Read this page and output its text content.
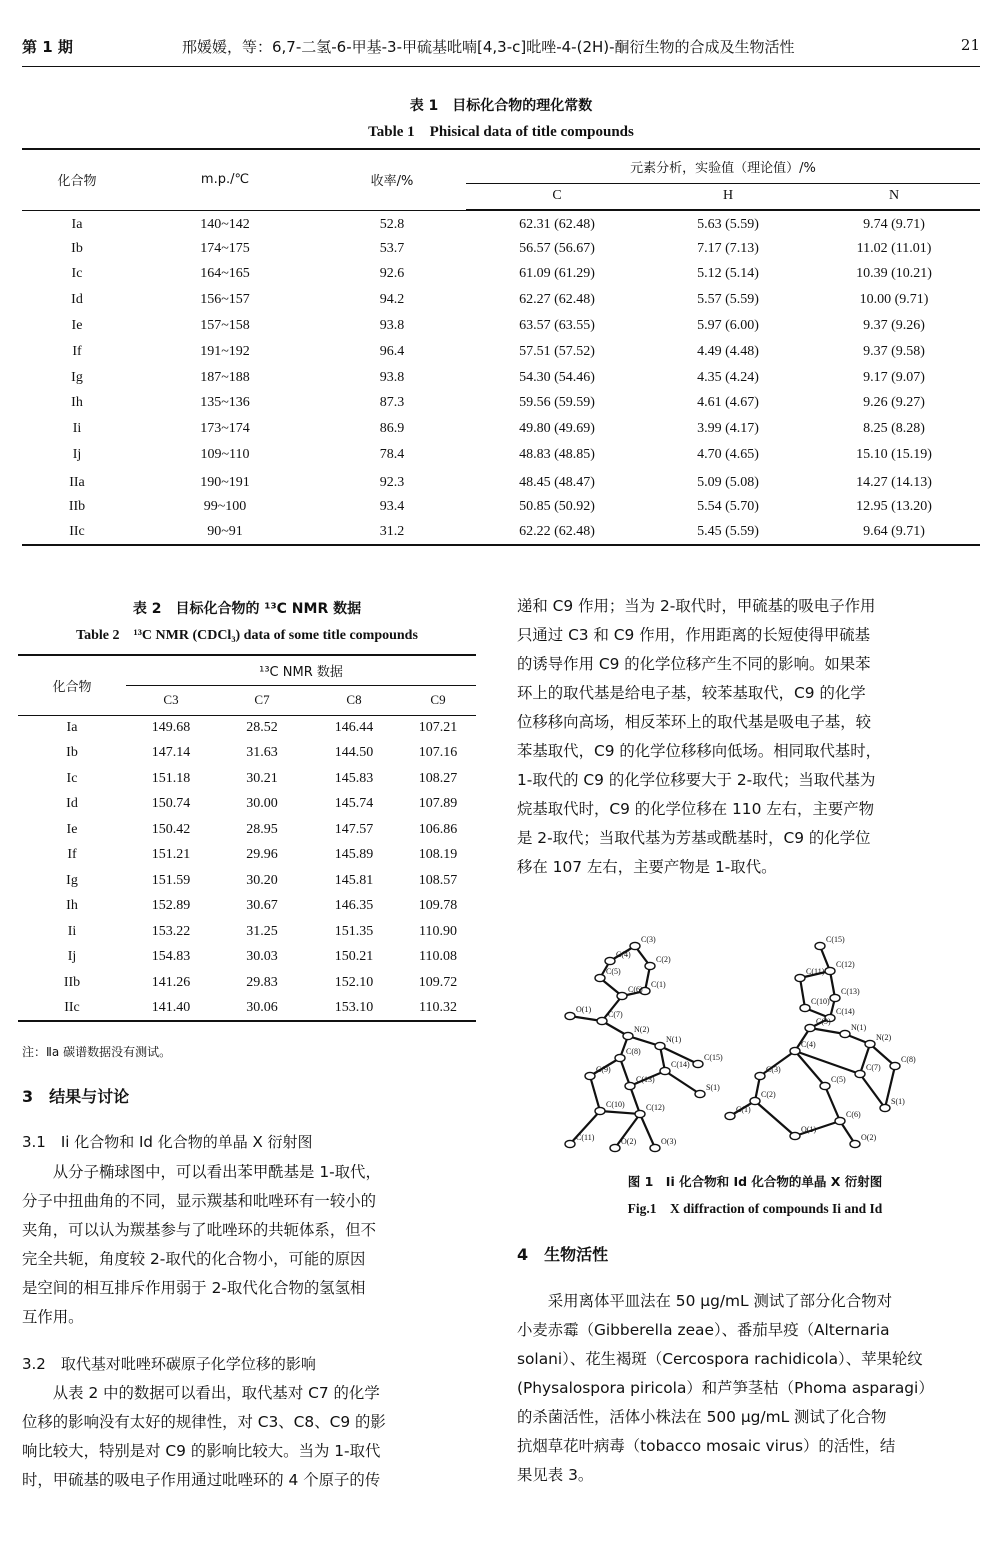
第 1 期	邢媛媛，等：6,7-二氢-6-甲基-3-甲硫基吡喃[4,3-c]吡唑-4-(2H)-酮衍生物的合成及生物活性	21
表 1　目标化合物的理化常数
Table 1　Phisical data of title compounds
化合物	m.p./℃	收率/%	元素分析，实验值（理论值）/%		
			C	H	N

Ia	140~142	52.8	62.31 (62.48)	5.63 (5.59)	9.74 (9.71)
Ib	174~175	53.7	56.57 (56.67)	7.17 (7.13)	11.02 (11.01)
Ic	164~165	92.6	61.09 (61.29)	5.12 (5.14)	10.39 (10.21)
Id	156~157	94.2	62.27 (62.48)	5.57 (5.59)	10.00 (9.71)
Ie	157~158	93.8	63.57 (63.55)	5.97 (6.00)	9.37 (9.26)
If	191~192	96.4	57.51 (57.52)	4.49 (4.48)	9.37 (9.58)
Ig	187~188	93.8	54.30 (54.46)	4.35 (4.24)	9.17 (9.07)
Ih	135~136	87.3	59.56 (59.59)	4.61 (4.67)	9.26 (9.27)
Ii	173~174	86.9	49.80 (49.69)	3.99 (4.17)	8.25 (8.28)
Ij	109~110	78.4	48.83 (48.85)	4.70 (4.65)	15.10 (15.19)
IIa	190~191	92.3	48.45 (48.47)	5.09 (5.08)	14.27 (14.13)
IIb	99~100	93.4	50.85 (50.92)	5.54 (5.70)	12.95 (13.20)
IIc	90~91	31.2	62.22 (62.48)	5.45 (5.59)	9.64 (9.71)
表 2　目标化合物的 ¹³C NMR 数据
Table 2　¹³C NMR (CDCl₃) data of some title compounds
化合物	¹³C NMR 数据			
	C3	C7	C8	C9
Ia	149.68	28.52	146.44	107.21
Ib	147.14	31.63	144.50	107.16
Ic	151.18	30.21	145.83	108.27
Id	150.74	30.00	145.74	107.89
Ie	150.42	28.95	147.57	106.86
If	151.21	29.96	145.89	108.19
Ig	151.59	30.20	145.81	108.57
Ih	152.89	30.67	146.35	109.78
Ii	153.22	31.25	151.35	110.90
Ij	154.83	30.03	150.21	110.08
IIb	141.26	29.83	152.10	109.72
IIc	141.40	30.06	153.10	110.32
注：Ⅱa 碳谱数据没有测试。
3　结果与讨论
3.1　Ii 化合物和 Id 化合物的单晶 X 衍射图
　　从分子椭球图中，可以看出苯甲酰基是 1-取代，
分子中扭曲角的不同，显示羰基和吡唑环有一较小的
夹角，可以认为羰基参与了吡唑环的共轭体系，但不
完全共轭，角度较 2-取代的化合物小，可能的原因
是空间的相互排斥作用弱于 2-取代化合物的氢氢相
互作用。
3.2　取代基对吡唑环碳原子化学位移的影响
　　从表 2 中的数据可以看出，取代基对 C7 的化学
位移的影响没有太好的规律性，对 C3、C8、C9 的影
响比较大，特别是对 C9 的影响比较大。当为 1-取代
时，甲硫基的吸电子作用通过吡唑环的 4 个原子的传
递和 C9 作用；当为 2-取代时，甲硫基的吸电子作用
只通过 C3 和 C9 作用，作用距离的长短使得甲硫基
的诱导作用 C9 的化学位移产生不同的影响。如果苯
环上的取代基是给电子基，较苯基取代，C9 的化学
位移移向高场，相反苯环上的取代基是吸电子基，较
苯基取代，C9 的化学位移移向低场。相同取代基时，
1-取代的 C9 的化学位移要大于 2-取代；当取代基为
烷基取代时，C9 的化学位移在 110 左右，主要产物
是 2-取代；当取代基为芳基或酰基时，C9 的化学位
移在 107 左右，主要产物是 1-取代。
C(3)
C(4)
C(2)
C(5)
C(1)
C(6)
O(1)
C(7)
N(2)
N(1)
C(8)
C(14)
C(15)
C(9)
C(13)
S(1)
C(10)	C(12)
C(11)	O(2)	O(3)
C(15)
C(12)
C(11)
C(13)
C(10)
C(14)
C(9)
N(1)
N(2)
C(4)
C(8)
C(3)	C(7)
C(5)
C(2)
S(1)
C(6)
C(1)
O(1)
O(2)
图 1　Ii 化合物和 Id 化合物的单晶 X 衍射图
Fig.1　X diffraction of compounds Ii and Id
4　生物活性
　　采用离体平皿法在 50 μg/mL 测试了部分化合物对
小麦赤霉（Gibberella zeae）、番茄早疫（Alternaria
solani）、花生褐斑（Cercospora rachidicola）、苹果轮纹
(Physalospora piricola）和芦笋茎枯（Phoma asparagi）
的杀菌活性，活体小株法在 500 μg/mL 测试了化合物
抗烟草花叶病毒（tobacco mosaic virus）的活性，结
果见表 3。
